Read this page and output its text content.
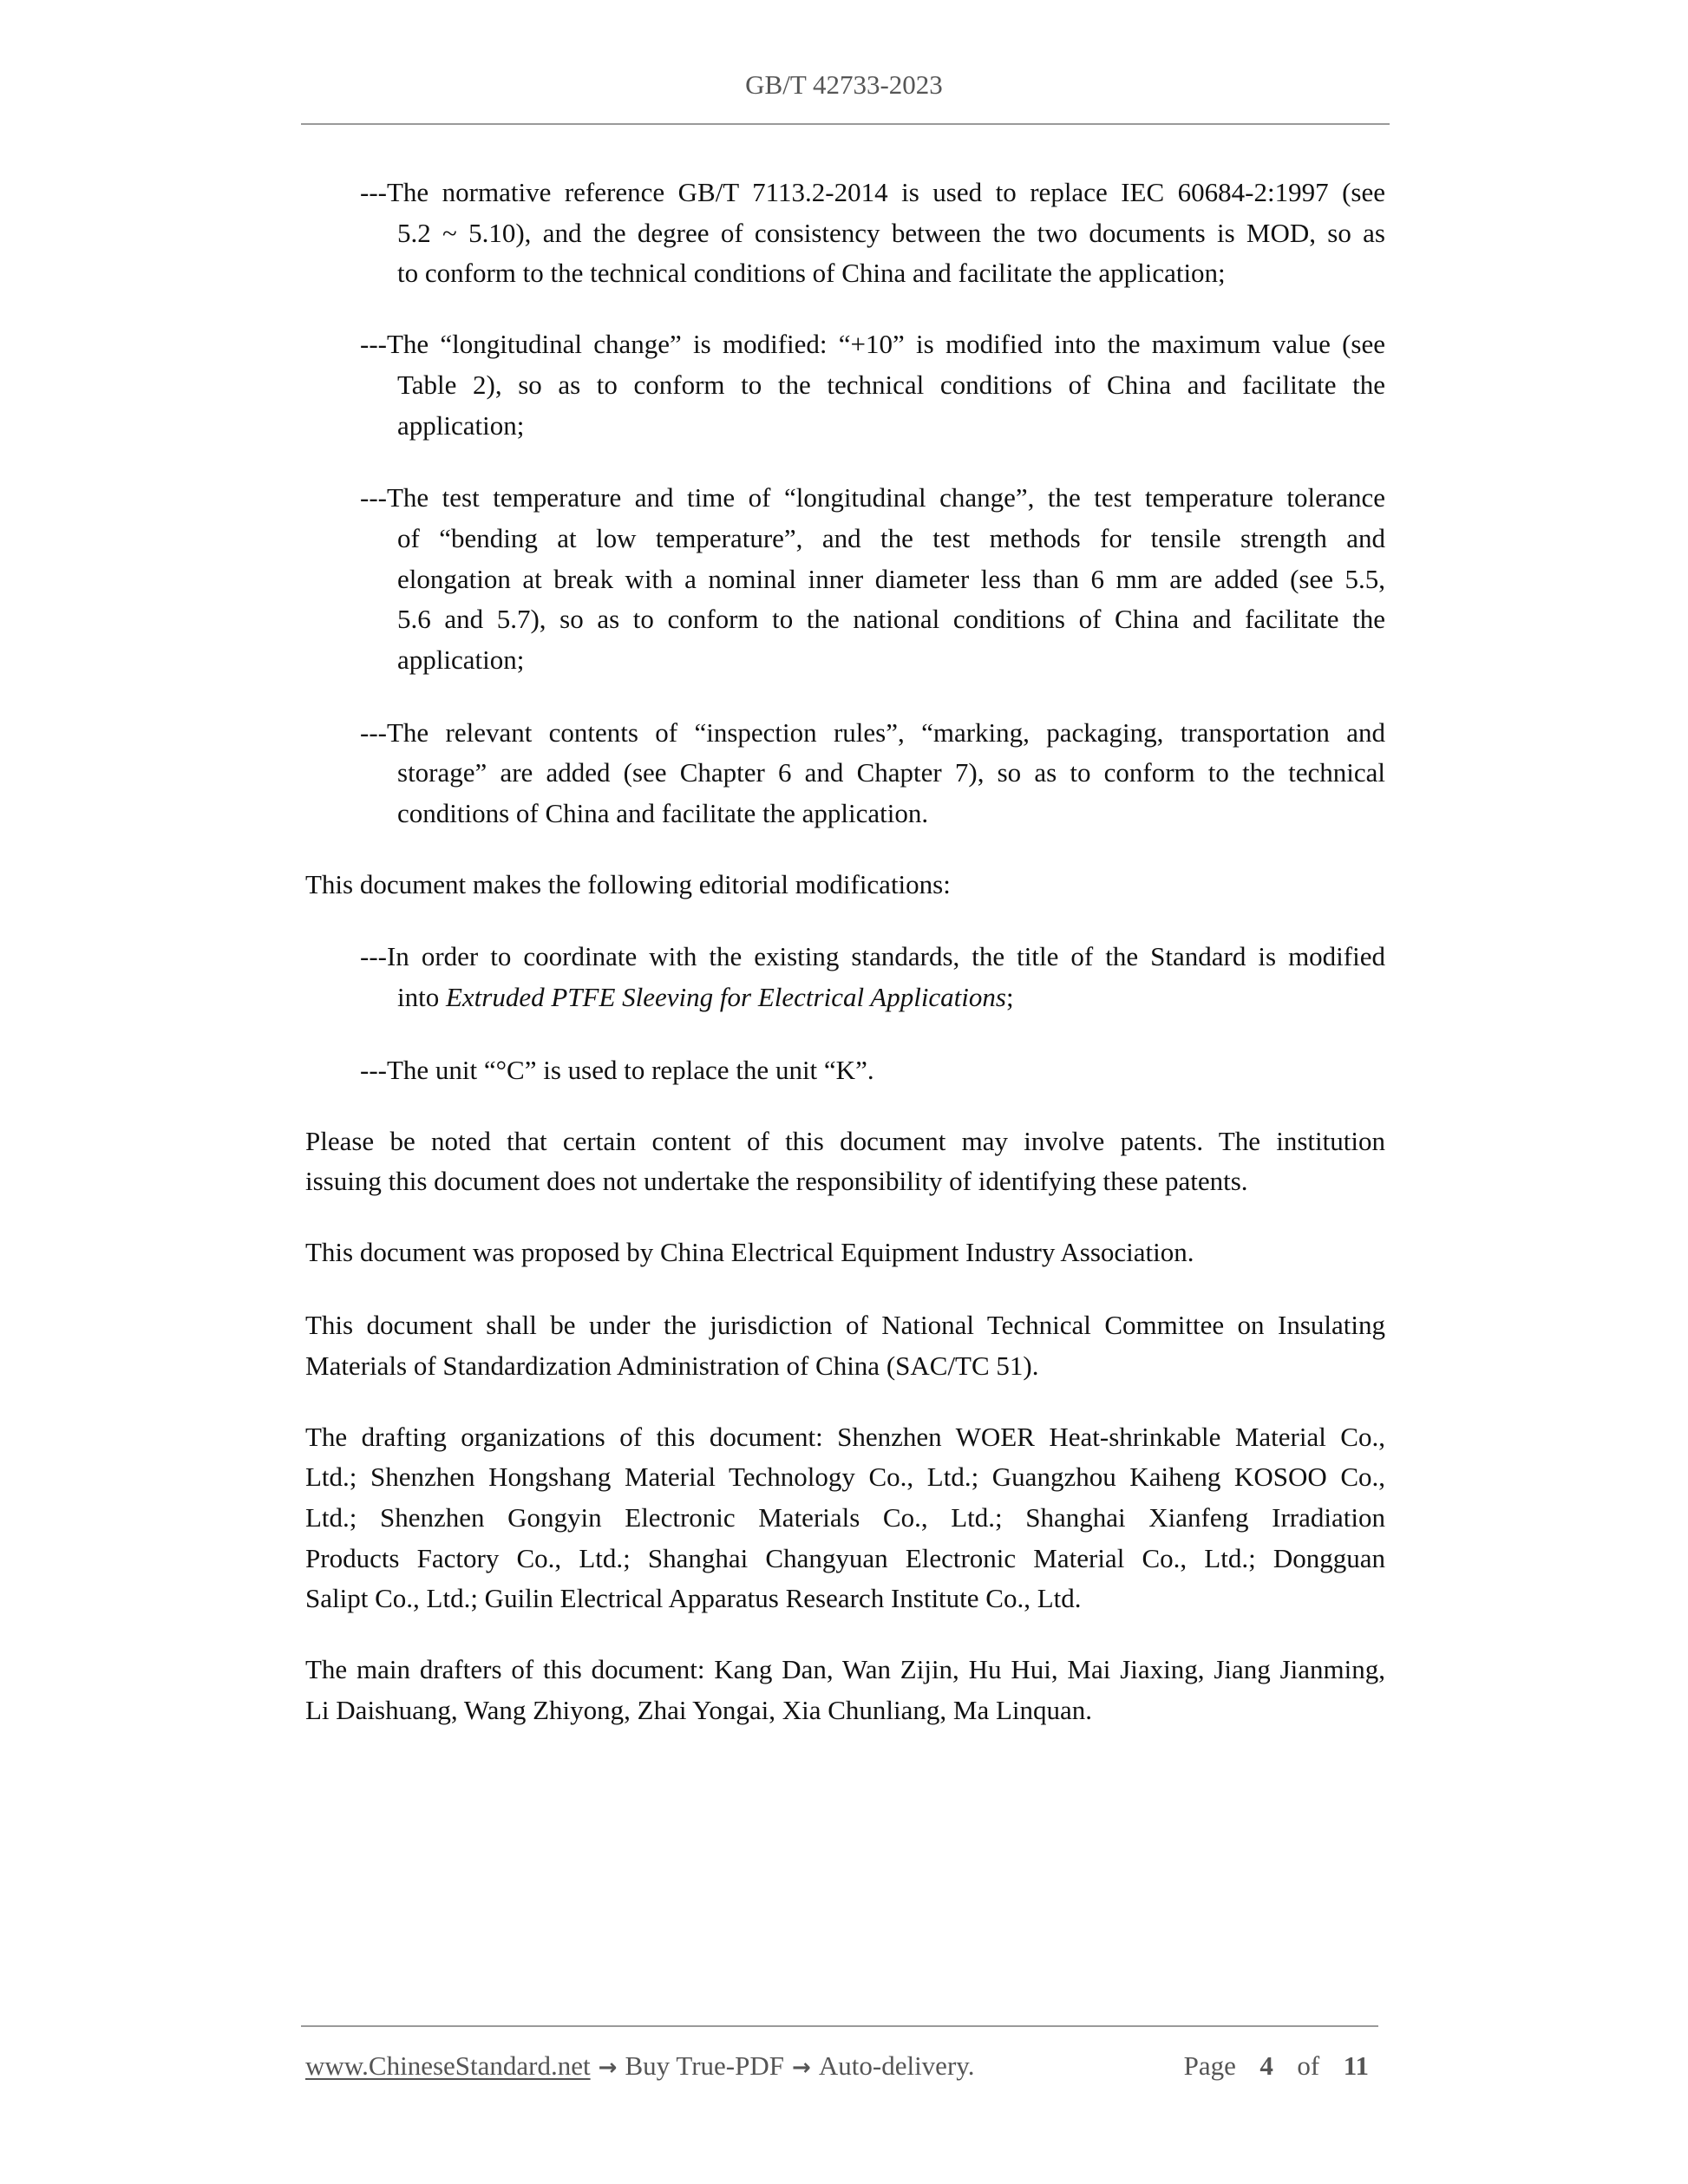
GB/T 42733-2023
---The normative reference GB/T 7113.2-2014 is used to replace IEC 60684-2:1997 (see
5.2 ~ 5.10), and the degree of consistency between the two documents is MOD, so as
to conform to the technical conditions of China and facilitate the application;
---The “longitudinal change” is modified: “+10” is modified into the maximum value (see
Table 2), so as to conform to the technical conditions of China and facilitate the
application;
---The test temperature and time of “longitudinal change”, the test temperature tolerance
of “bending at low temperature”, and the test methods for tensile strength and
elongation at break with a nominal inner diameter less than 6 mm are added (see 5.5,
5.6 and 5.7), so as to conform to the national conditions of China and facilitate the
application;
---The relevant contents of “inspection rules”, “marking, packaging, transportation and
storage” are added (see Chapter 6 and Chapter 7), so as to conform to the technical
conditions of China and facilitate the application.
This document makes the following editorial modifications:
---In order to coordinate with the existing standards, the title of the Standard is modified
into Extruded PTFE Sleeving for Electrical Applications;
---The unit “°C” is used to replace the unit “K”.
Please be noted that certain content of this document may involve patents. The institution
issuing this document does not undertake the responsibility of identifying these patents.
This document was proposed by China Electrical Equipment Industry Association.
This document shall be under the jurisdiction of National Technical Committee on Insulating
Materials of Standardization Administration of China (SAC/TC 51).
The drafting organizations of this document: Shenzhen WOER Heat-shrinkable Material Co.,
Ltd.; Shenzhen Hongshang Material Technology Co., Ltd.; Guangzhou Kaiheng KOSOO Co.,
Ltd.; Shenzhen Gongyin Electronic Materials Co., Ltd.; Shanghai Xianfeng Irradiation
Products Factory Co., Ltd.; Shanghai Changyuan Electronic Material Co., Ltd.; Dongguan
Salipt Co., Ltd.; Guilin Electrical Apparatus Research Institute Co., Ltd.
The main drafters of this document: Kang Dan, Wan Zijin, Hu Hui, Mai Jiaxing, Jiang Jianming,
Li Daishuang, Wang Zhiyong, Zhai Yongai, Xia Chunliang, Ma Linquan.
www.ChineseStandard.net → Buy True-PDF → Auto-delivery.	Page 4 of 11
